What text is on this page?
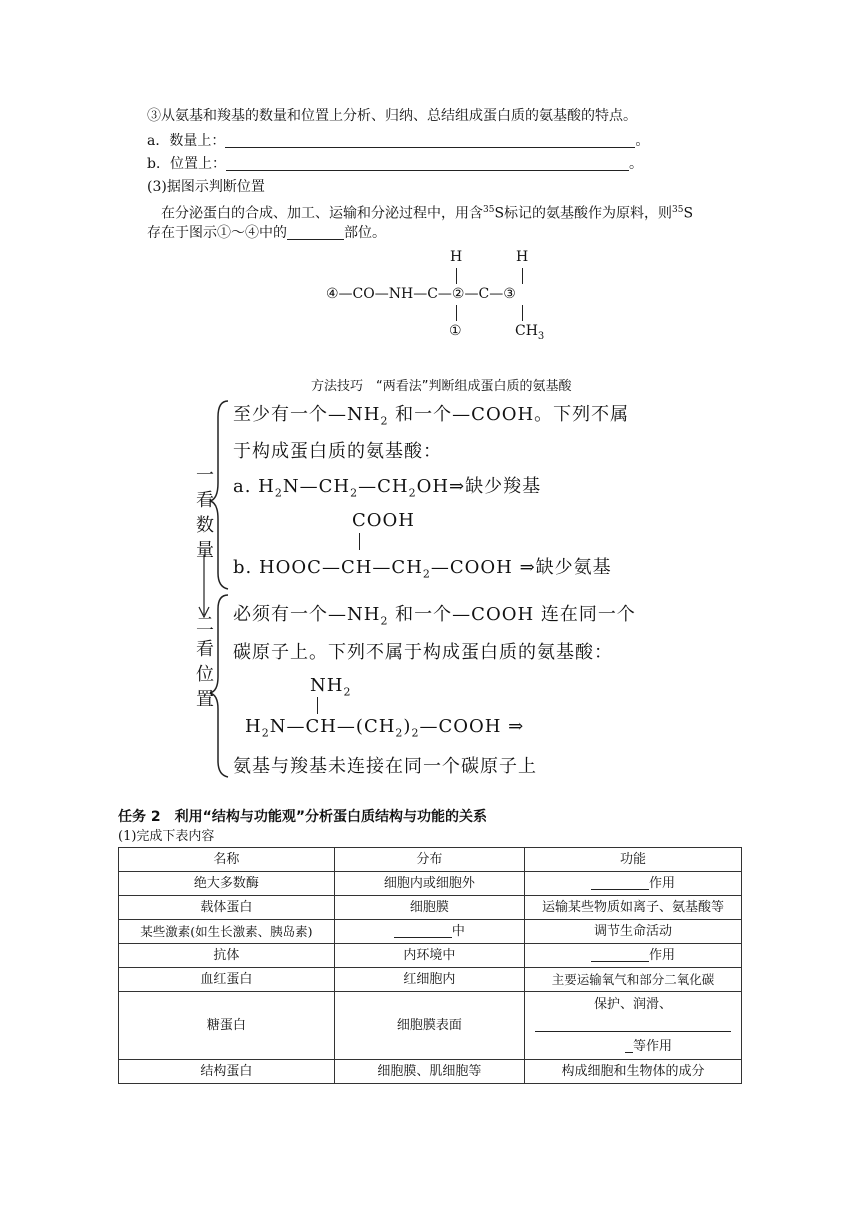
③从氨基和羧基的数量和位置上分析、归纳、总结组成蛋白质的氨基酸的特点。
a．数量上：	。
b．位置上：	。
(3)据图示判断位置
在分泌蛋白的合成、加工、运输和分泌过程中，用含$^{35}$S标记的氨基酸作为原料，则$^{35}$S
存在于图示①～④中的	部位。
H	H
④—CO—NH—C—②—C—③
①	$CH_3$
方法技巧　“两看法”判断组成蛋白质的氨基酸
一
看
数
量
二
看
位
置
至少有一个$—NH_2$ 和一个—COOH。下列不属
于构成蛋白质的氨基酸：
a. $H_2N—CH_2—CH_2OH\Rightarrow$缺少羧基
COOH
b. $HOOC—CH—CH_2—COOH$ ⇒缺少氨基
必须有一个$—NH_2$ 和一个—COOH 连在同一个
碳原子上。下列不属于构成蛋白质的氨基酸：
$NH_2$
$H_2N—CH—(CH_2)_2—COOH$ ⇒
氨基与羧基未连接在同一个碳原子上
任务 2　利用“结构与功能观”分析蛋白质结构与功能的关系
(1)完成下表内容
名称	分布	功能
绝大多数酶	细胞内或细胞外	作用
载体蛋白	细胞膜	运输某些物质如离子、氨基酸等
某些激素(如生长激素、胰岛素)	中	调节生命活动
抗体	内环境中	作用
血红蛋白	红细胞内	主要运输氧气和部分二氧化碳
糖蛋白	细胞膜表面	保护、润滑、
等作用

结构蛋白	细胞膜、肌细胞等	构成细胞和生物体的成分
